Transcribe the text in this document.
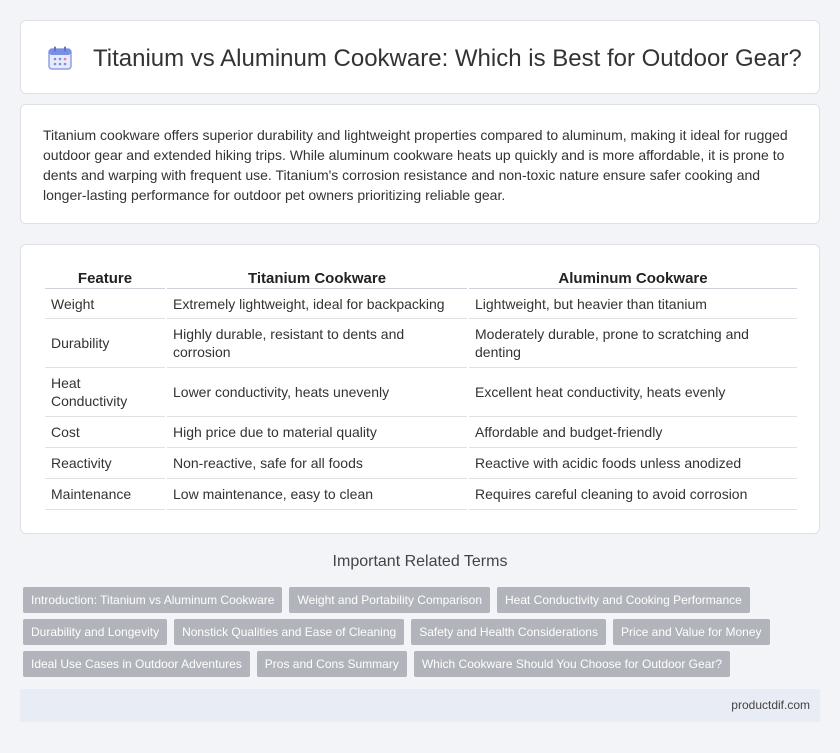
Titanium vs Aluminum Cookware: Which is Best for Outdoor Gear?

Titanium cookware offers superior durability and lightweight properties compared to aluminum, making it ideal for rugged outdoor gear and extended hiking trips. While aluminum cookware heats up quickly and is more affordable, it is prone to dents and warping with frequent use. Titanium's corrosion resistance and non-toxic nature ensure safer cooking and longer-lasting performance for outdoor pet owners prioritizing reliable gear.

Feature	Titanium Cookware	Aluminum Cookware
Weight	Extremely lightweight, ideal for backpacking	Lightweight, but heavier than titanium
Durability	Highly durable, resistant to dents and corrosion	Moderately durable, prone to scratching and denting
Heat Conductivity	Lower conductivity, heats unevenly	Excellent heat conductivity, heats evenly
Cost	High price due to material quality	Affordable and budget-friendly
Reactivity	Non-reactive, safe for all foods	Reactive with acidic foods unless anodized
Maintenance	Low maintenance, easy to clean	Requires careful cleaning to avoid corrosion
Important Related Terms
Introduction: Titanium vs Aluminum Cookware	Weight and Portability Comparison	Heat Conductivity and Cooking Performance
Durability and Longevity	Nonstick Qualities and Ease of Cleaning	Safety and Health Considerations	Price and Value for Money
Ideal Use Cases in Outdoor Adventures	Pros and Cons Summary	Which Cookware Should You Choose for Outdoor Gear?
productdif.com
